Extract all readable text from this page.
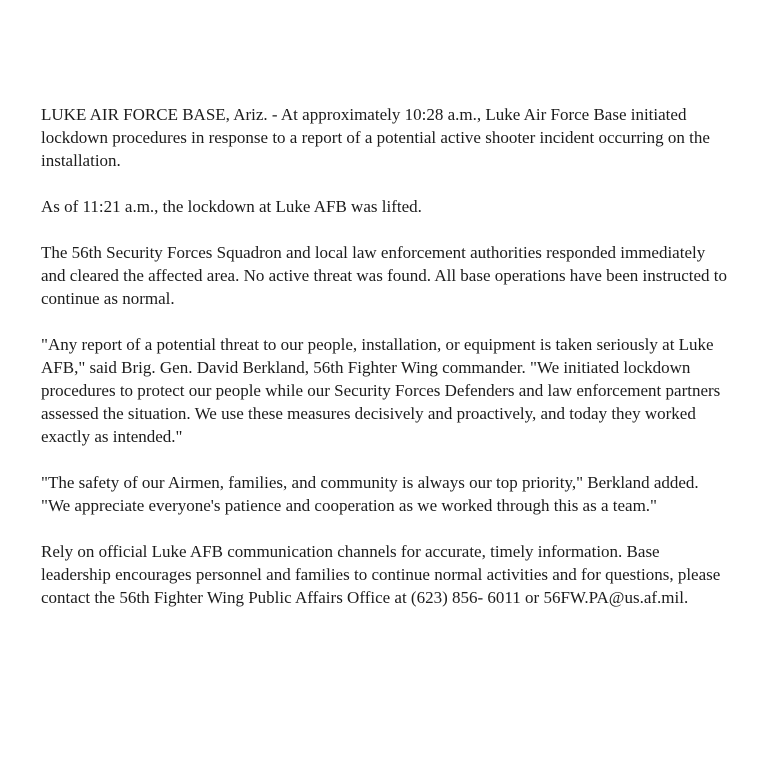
LUKE AIR FORCE BASE, Ariz. - At approximately 10:28 a.m., Luke Air Force Base initiated lockdown procedures in response to a report of a potential active shooter incident occurring on the installation.

As of 11:21 a.m., the lockdown at Luke AFB was lifted.

The 56th Security Forces Squadron and local law enforcement authorities responded immediately and cleared the affected area. No active threat was found. All base operations have been instructed to continue as normal.

"Any report of a potential threat to our people, installation, or equipment is taken seriously at Luke AFB," said Brig. Gen. David Berkland, 56th Fighter Wing commander. "We initiated lockdown procedures to protect our people while our Security Forces Defenders and law enforcement partners assessed the situation. We use these measures decisively and proactively, and today they worked exactly as intended."

"The safety of our Airmen, families, and community is always our top priority," Berkland added. "We appreciate everyone's patience and cooperation as we worked through this as a team."

Rely on official Luke AFB communication channels for accurate, timely information. Base leadership encourages personnel and families to continue normal activities and for questions, please contact the 56th Fighter Wing Public Affairs Office at (623) 856- 6011 or 56FW.PA@us.af.mil.
